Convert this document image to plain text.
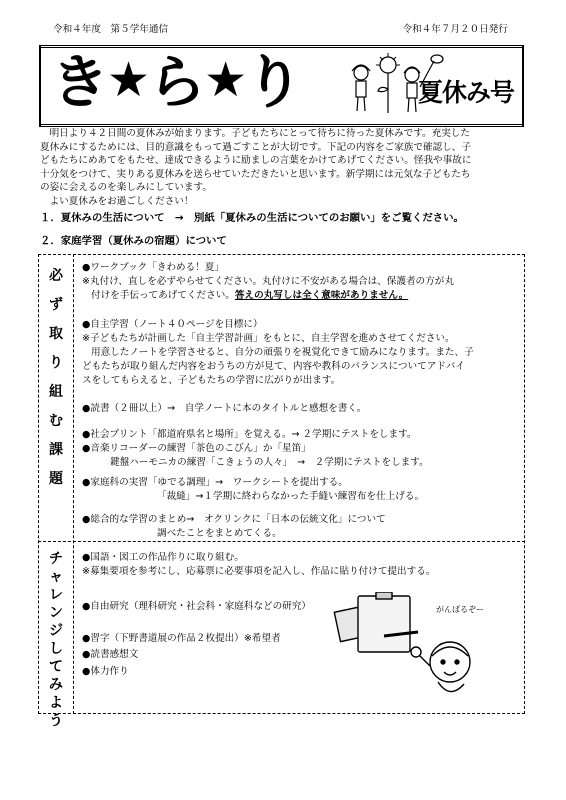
令和４年度　第５学年通信	令和４年７月２０日発行
き★ら★り	夏休み号

　明日より４２日間の夏休みが始まります。子どもたちにとって待ちに待った夏休みです。充実した

夏休みにするためには、目的意識をもって過ごすことが大切です。下記の内容をご家族で確認し、子

どもたちにめあてをもたせ、達成できるように励ましの言葉をかけてあげてください。怪我や事故に

十分気をつけて、実りある夏休みを送らせていただきたいと思います。新学期には元気な子どもたち

の姿に会えるのを楽しみにしています。

　よい夏休みをお過ごしください！

１．夏休みの生活について　→　別紙「夏休みの生活についてのお願い」をご覧ください。
２．家庭学習（夏休みの宿題）について
必
ず
取
り
組
む
課
題
チ
ャ
レ
ン
ジ
し
て
み
よ
う
●ワークブック「きわめる！夏」
※丸付け、直しを必ずやらせてください。丸付けに不安がある場合は、保護者の方が丸
付けを手伝ってあげてください。答えの丸写しは全く意味がありません。
●自主学習（ノート４０ページを目標に）
※子どもたちが計画した「自主学習計画」をもとに、自主学習を進めさせてください。
用意したノートを学習させると、自分の頑張りを視覚化できて励みになります。また、子
どもたちが取り組んだ内容をおうちの方が見て、内容や教科のバランスについてアドバイ
スをしてもらえると、子どもたちの学習に広がりが出ます。
●読書（２冊以上）→　自学ノートに本のタイトルと感想を書く。
●社会プリント「都道府県名と場所」を覚える。→ ２学期にテストをします。
●音楽リコーダーの練習「茶色のこびん」か「星笛」
鍵盤ハーモニカの練習「こきょうの人々」　→　２学期にテストをします。
●家庭科の実習「ゆでる調理」→　ワークシートを提出する。
「裁縫」→１学期に終わらなかった手縫い練習布を仕上げる。
●総合的な学習のまとめ→　オクリンクに「日本の伝統文化」について
調べたことをまとめてくる。
●国語・図工の作品作りに取り組む。
※募集要項を参考にし、応募票に必要事項を記入し、作品に貼り付けて提出する。
●自由研究（理科研究・社会科・家庭科などの研究）
●習字（下野書道展の作品２枚提出）※希望者
●読書感想文
●体力作り
がんばるぞー
